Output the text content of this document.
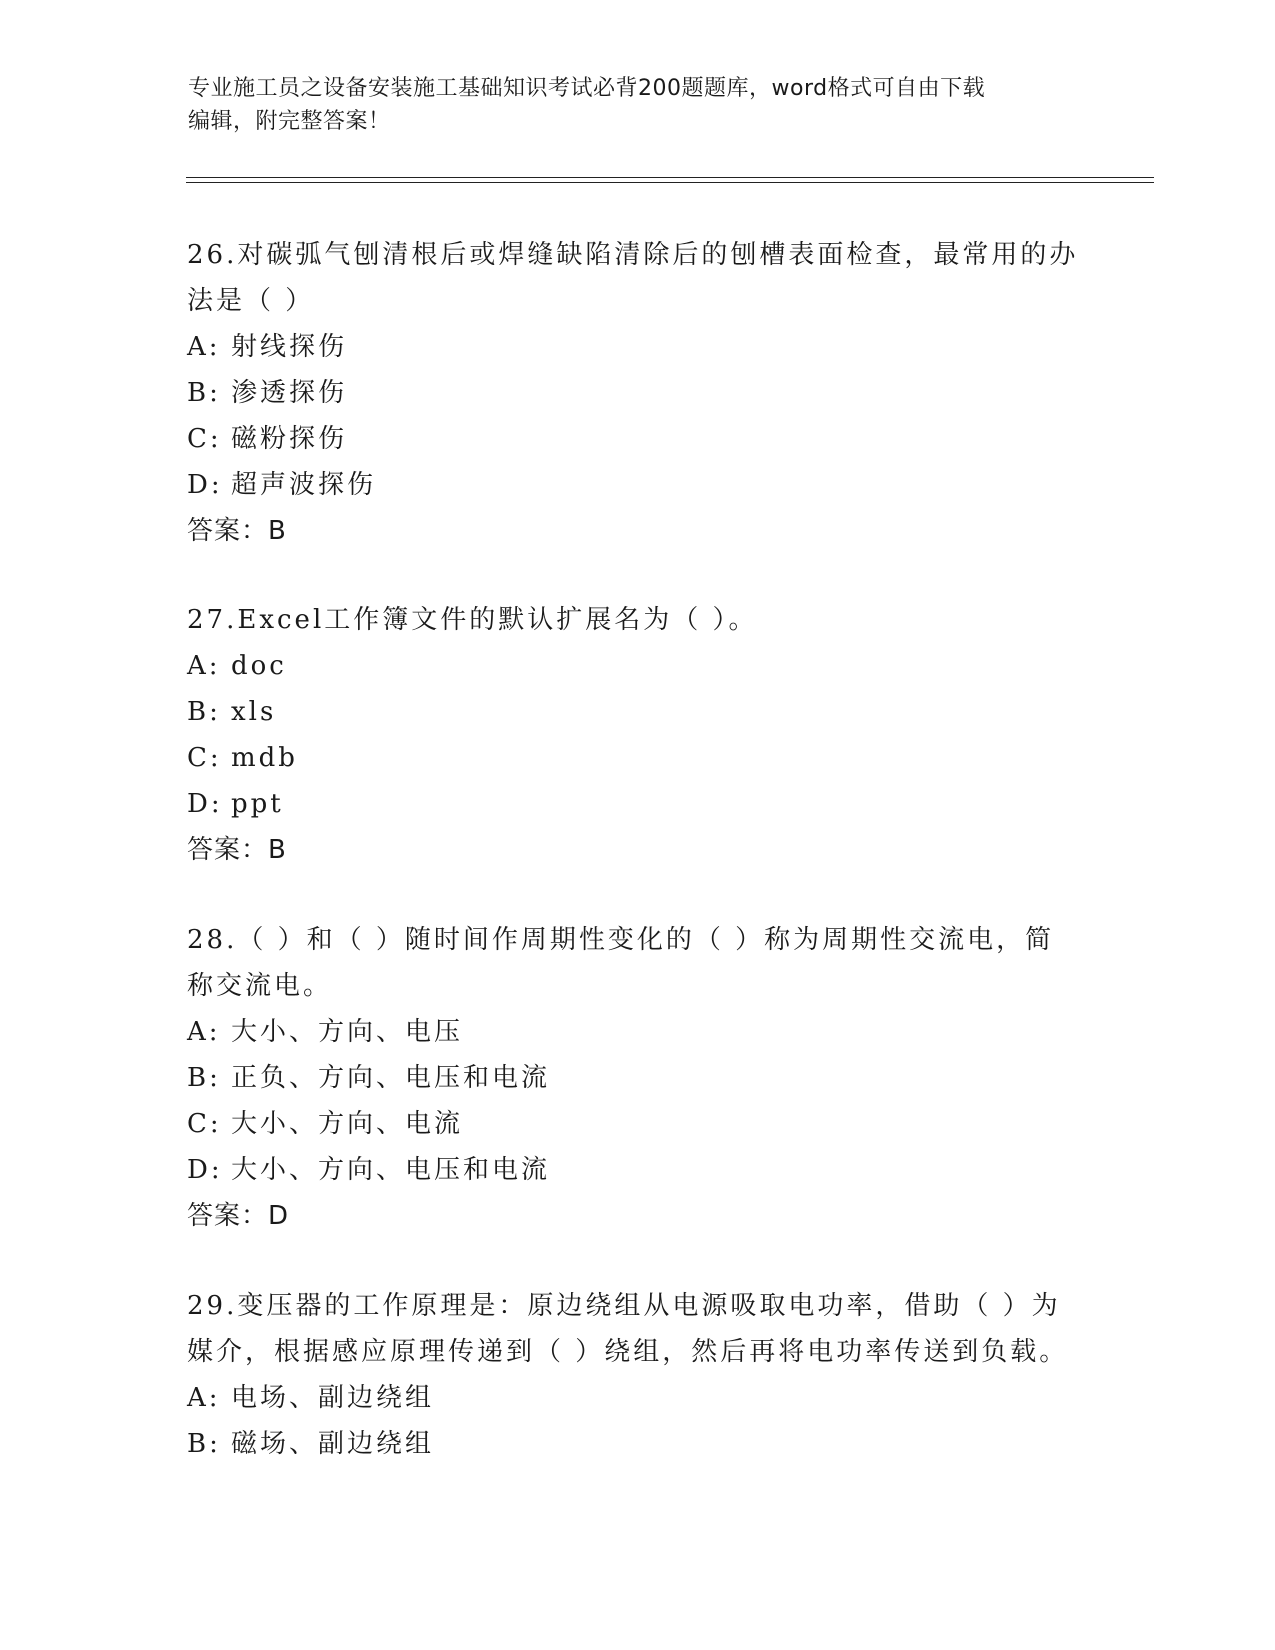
专业施工员之设备安装施工基础知识考试必背200题题库，word格式可自由下载
编辑，附完整答案！

26.对碳弧气刨清根后或焊缝缺陷清除后的刨槽表面检查，最常用的办

法是（ ）

A: 射线探伤

B: 渗透探伤

C: 磁粉探伤

D: 超声波探伤

答案：B

27.Excel工作簿文件的默认扩展名为（ ）。

A: doc

B: xls

C: mdb

D: ppt

答案：B

28.（ ）和（ ）随时间作周期性变化的（ ）称为周期性交流电，简

称交流电。

A: 大小、方向、电压

B: 正负、方向、电压和电流

C: 大小、方向、电流

D: 大小、方向、电压和电流

答案：D

29.变压器的工作原理是：原边绕组从电源吸取电功率，借助（ ）为

媒介，根据感应原理传递到（ ）绕组，然后再将电功率传送到负载。

A: 电场、副边绕组

B: 磁场、副边绕组
